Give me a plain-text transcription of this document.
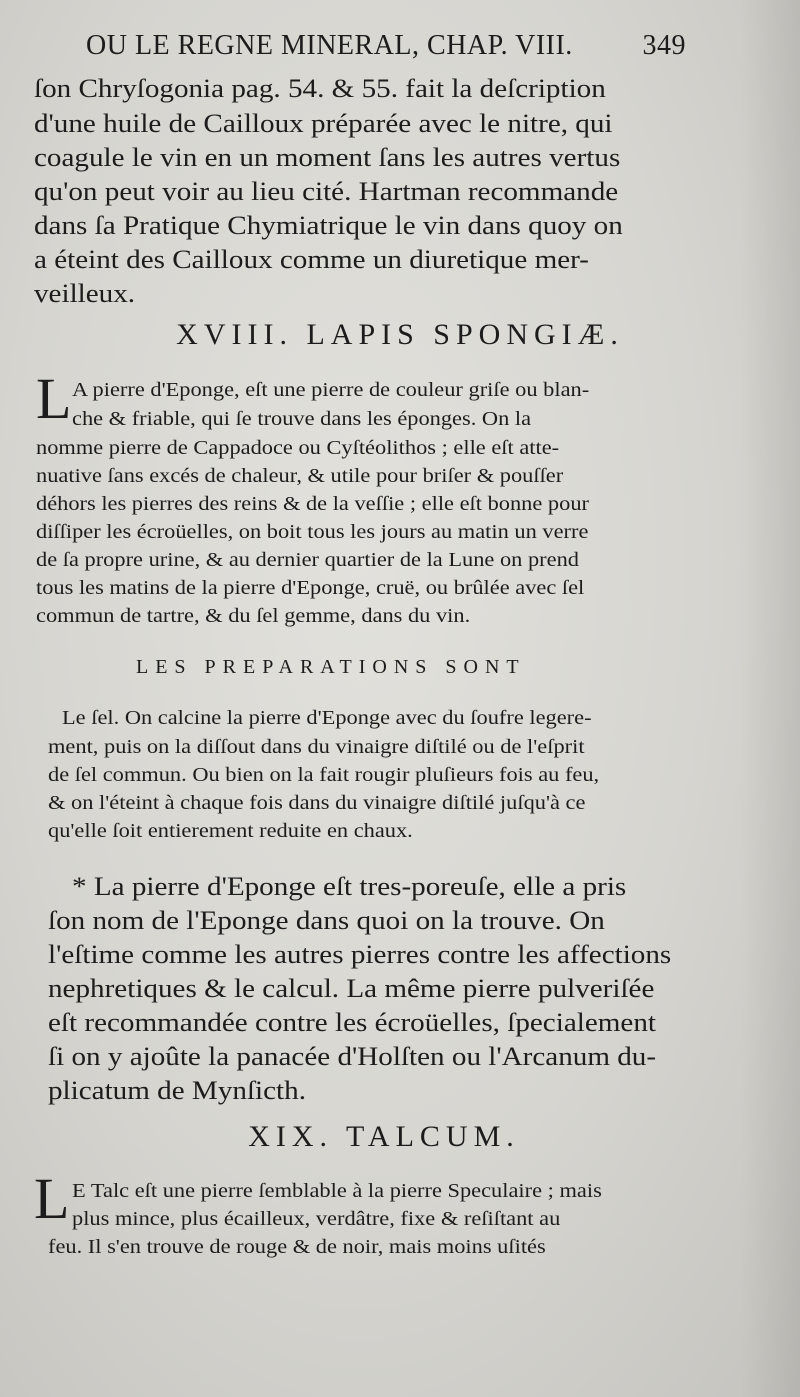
OU LE REGNE MINERAL, CHAP. VIII. 349
ſon Chryſogonia pag. 54. & 55. fait la deſcription
d'une huile de Cailloux préparée avec le nitre, qui
coagule le vin en un moment ſans les autres vertus
qu'on peut voir au lieu cité. Hartman recommande
dans ſa Pratique Chymiatrique le vin dans quoy on
a éteint des Cailloux comme un diuretique mer-
veilleux.
XVIII. LAPIS SPONGIÆ.
L A pierre d'Eponge, eſt une pierre de couleur griſe ou blan-
che & friable, qui ſe trouve dans les éponges. On la
nomme pierre de Cappadoce ou Cyſtéolithos ; elle eſt atte-
nuative ſans excés de chaleur, & utile pour briſer & pouſſer
déhors les pierres des reins & de la veſſie ; elle eſt bonne pour
diſſiper les écroüelles, on boit tous les jours au matin un verre
de ſa propre urine, & au dernier quartier de la Lune on prend
tous les matins de la pierre d'Eponge, cruë, ou brûlée avec ſel
commun de tartre, & du ſel gemme, dans du vin.
LES PREPARATIONS SONT
Le ſel. On calcine la pierre d'Eponge avec du ſoufre legere-
ment, puis on la diſſout dans du vinaigre diſtilé ou de l'eſprit
de ſel commun. Ou bien on la fait rougir pluſieurs fois au feu,
& on l'éteint à chaque fois dans du vinaigre diſtilé juſqu'à ce
qu'elle ſoit entierement reduite en chaux.
* La pierre d'Eponge eſt tres-poreuſe, elle a pris
ſon nom de l'Eponge dans quoi on la trouve. On
l'eſtime comme les autres pierres contre les affections
nephretiques & le calcul. La même pierre pulveriſée
eſt recommandée contre les écroüelles, ſpecialement
ſi on y ajoûte la panacée d'Holſten ou l'Arcanum du-
plicatum de Mynſicth.
XIX. TALCUM.
L E Talc eſt une pierre ſemblable à la pierre Speculaire ; mais
plus mince, plus écailleux, verdâtre, fixe & reſiſtant au
feu. Il s'en trouve de rouge & de noir, mais moins uſités
